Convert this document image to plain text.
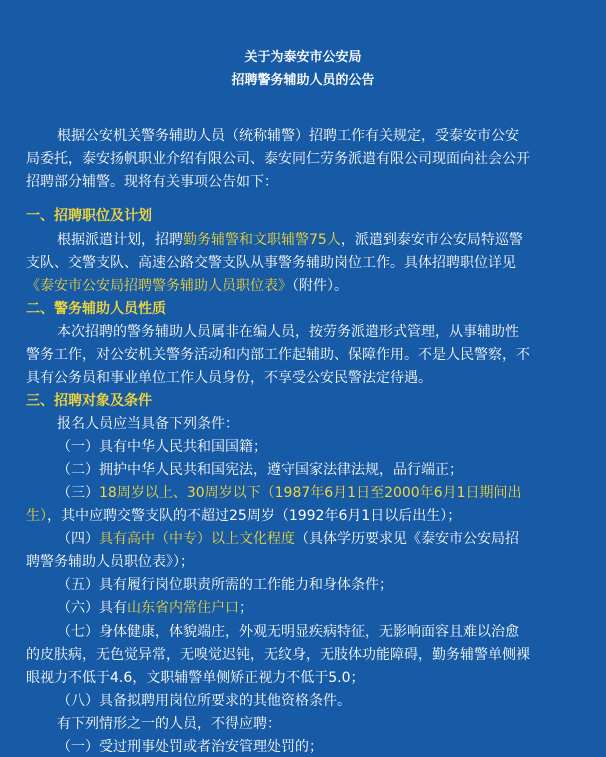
关于为泰安市公安局
招聘警务辅助人员的公告
根据公安机关警务辅助人员（统称辅警）招聘工作有关规定，受泰安市公安
局委托，泰安扬帆职业介绍有限公司、泰安同仁劳务派遣有限公司现面向社会公开
招聘部分辅警。现将有关事项公告如下：
一、招聘职位及计划
根据派遣计划，招聘勤务辅警和文职辅警75人，派遣到泰安市公安局特巡警
支队、交警支队、高速公路交警支队从事警务辅助岗位工作。具体招聘职位详见
《泰安市公安局招聘警务辅助人员职位表》（附件）。
二、警务辅助人员性质
本次招聘的警务辅助人员属非在编人员，按劳务派遣形式管理，从事辅助性
警务工作，对公安机关警务活动和内部工作起辅助、保障作用。不是人民警察，不
具有公务员和事业单位工作人员身份，不享受公安民警法定待遇。
三、招聘对象及条件
报名人员应当具备下列条件：
（一）具有中华人民共和国国籍；
（二）拥护中华人民共和国宪法，遵守国家法律法规，品行端正；
（三）18周岁以上、30周岁以下（1987年6月1日至2000年6月1日期间出
生），其中应聘交警支队的不超过25周岁（1992年6月1日以后出生）；
（四）具有高中（中专）以上文化程度（具体学历要求见《泰安市公安局招
聘警务辅助人员职位表》）；
（五）具有履行岗位职责所需的工作能力和身体条件；
（六）具有山东省内常住户口；
（七）身体健康，体貌端庄，外观无明显疾病特征，无影响面容且难以治愈
的皮肤病，无色觉异常，无嗅觉迟钝，无纹身，无肢体功能障碍，勤务辅警单侧裸
眼视力不低于4.6，文职辅警单侧矫正视力不低于5.0；
（八）具备拟聘用岗位所要求的其他资格条件。
有下列情形之一的人员，不得应聘：
（一）受过刑事处罚或者治安管理处罚的；
